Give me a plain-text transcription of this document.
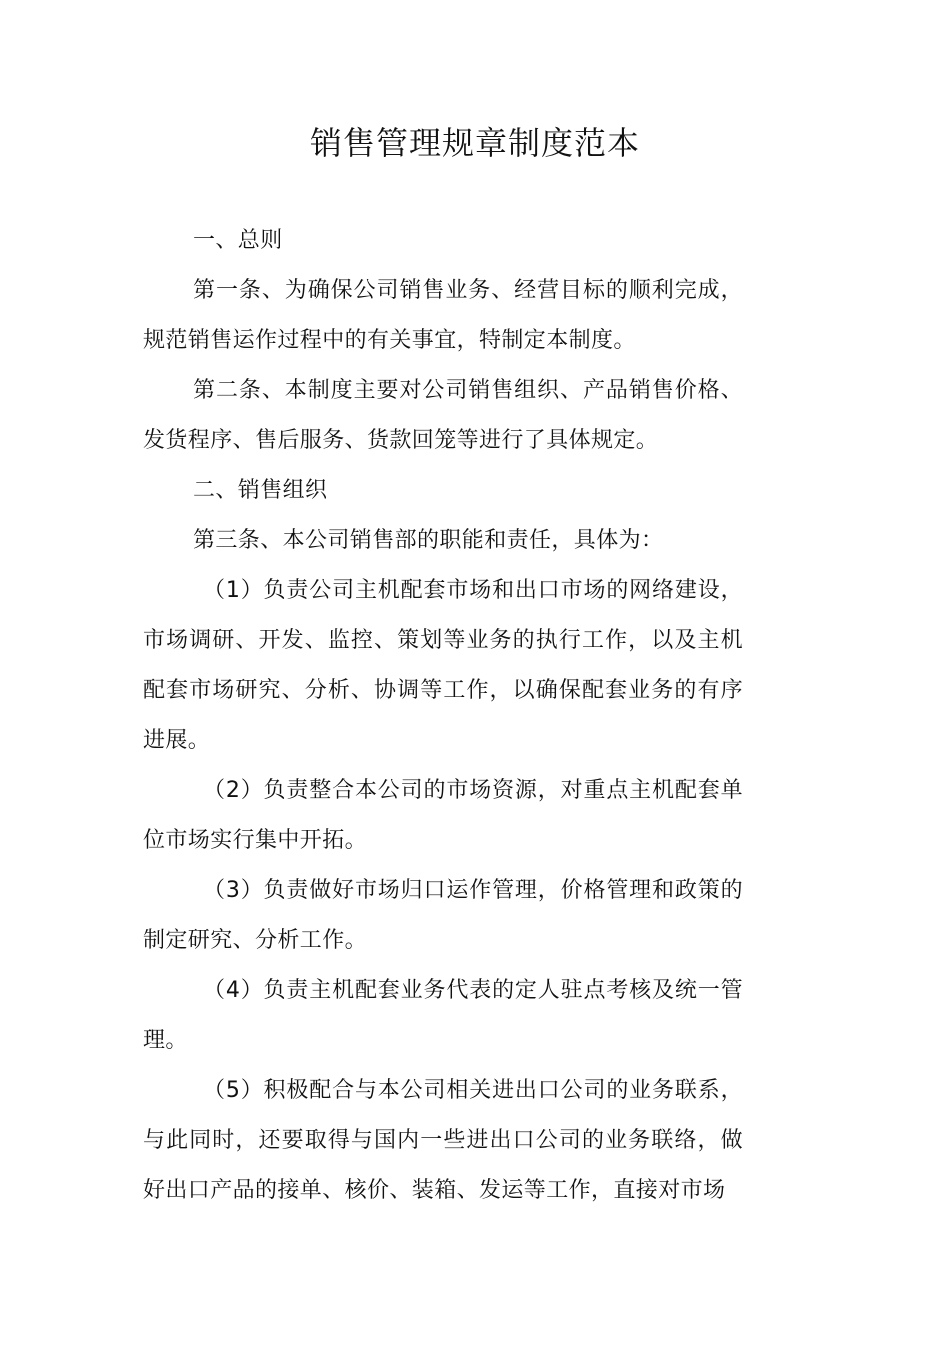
销售管理规章制度范本

一、总则

第一条、为确保公司销售业务、经营目标的顺利完成，规范销售运作过程中的有关事宜，特制定本制度。

第二条、本制度主要对公司销售组织、产品销售价格、发货程序、售后服务、货款回笼等进行了具体规定。

二、销售组织

第三条、本公司销售部的职能和责任，具体为：

（1）负责公司主机配套市场和出口市场的网络建设，市场调研、开发、监控、策划等业务的执行工作，以及主机配套市场研究、分析、协调等工作，以确保配套业务的有序进展。

（2）负责整合本公司的市场资源，对重点主机配套单位市场实行集中开拓。

（3）负责做好市场归口运作管理，价格管理和政策的制定研究、分析工作。

（4）负责主机配套业务代表的定人驻点考核及统一管理。

（5）积极配合与本公司相关进出口公司的业务联系，与此同时，还要取得与国内一些进出口公司的业务联络，做好出口产品的接单、核价、装箱、发运等工作，直接对市场
